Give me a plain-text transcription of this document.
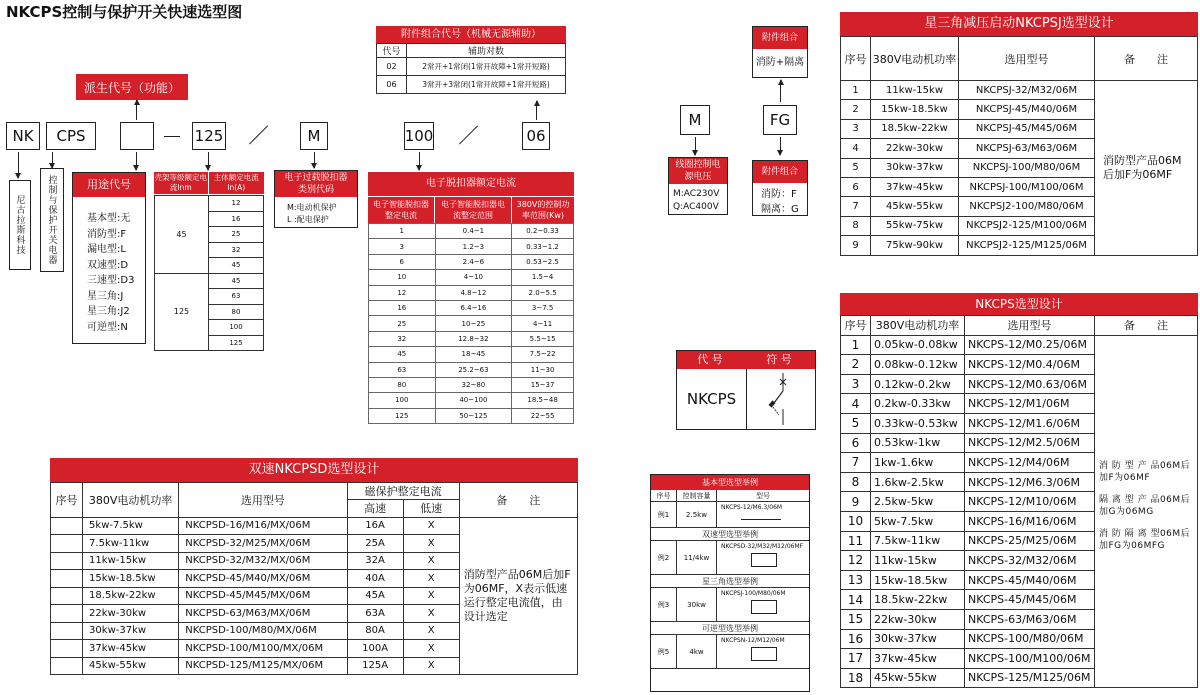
NKCPS控制与保护开关快速选型图
NK	CPS	125	M	100	06
派生代号（功能）
附件组合代号（机械无源辅助）
代号	辅助对数
02	2常开+1常闭(1常开故障+1常开短路)
06	3常开+3常闭(1常开故障+1常开短路)
尼古拉斯科技	控制与保护开关电器	用途代号
基本型:无
消防型:F
漏电型:L
双速型:D
三速型:D3
星三角:J
星三角:J2
可逆型:N
壳架等级额定电流Inm
主体额定电流In(A)
45	12
	16
	25
	32
	45
125	45
	63
	80
	100
	125
电子过载脱扣器类别代码
M:电动机保护
L :配电保护
电子脱扣器额定电流
电子智能脱扣器整定电流
电子智能脱扣器电流整定范围
380V的控制功率范围(Kw)
1	0.4~1	0.2~0.33
3	1.2~3	0.33~1.2
6	2.4~6	0.53~2.5
10	4~10	1.5~4
12	4.8~12	2.0~5.5
16	6.4~16	3~7.5
25	10~25	4~11
32	12.8~32	5.5~15
45	18~45	7.5~22
63	25.2~63	11~30
80	32~80	15~37
100	40~100	18.5~48
125	50~125	22~55
M
线圈控制电源电压
M:AC230V
Q:AC400V
附件组合
消防+隔离
FG
附件组合
消防：F
隔离：G
代 号	符 号
NKCPS
基本型选型举例
序号	控制容量	型号
例1	2.5kw
NKCPS-12/M6.3/06M
双速型选型举例
例2	11/4kw
NKCPSD-32/M32/M12/06MF
星三角选型举例
例3	30kw
NKCPSJ-100/M80/06M
可逆型选型举例
例5	4kw
NKCPSN-12/M12/06M
星三角减压启动NKCPSJ选型设计
序号	380V电动机功率	选用型号	备　　注
1	11kw-15kw	NKCPSJ-32/M32/06M	消防型产品06M后加F为06MF
2	15kw-18.5kw	NKCPSJ-45/M40/06M	
3	18.5kw-22kw	NKCPSJ-45/M45/06M	
4	22kw-30kw	NKCPSJ-63/M63/06M	
5	30kw-37kw	NKCPSJ-100/M80/06M	
6	37kw-45kw	NKCPSJ-100/M100/06M	
7	45kw-55kw	NKCPSJ2-100/M80/06M	
8	55kw-75kw	NKCPSJ2-125/M100/06M	
9	75kw-90kw	NKCPSJ2-125/M125/06M	
NKCPS选型设计
序号	380V电动机功率	选用型号	备　　注
1	0.05kw-0.08kw	NKCPS-12/M0.25/06M	消 防 型 产 品06M后 加F为06MF
隔 离 型 产 品06M后 加G为06MG
消 防 隔 离 型06M后 加FG为06MFG

2	0.08kw-0.12kw	NKCPS-12/M0.4/06M	
3	0.12kw-0.2kw	NKCPS-12/M0.63/06M	
4	0.2kw-0.33kw	NKCPS-12/M1/06M	
5	0.33kw-0.53kw	NKCPS-12/M1.6/06M	
6	0.53kw-1kw	NKCPS-12/M2.5/06M	
7	1kw-1.6kw	NKCPS-12/M4/06M	
8	1.6kw-2.5kw	NKCPS-12/M6.3/06M	
9	2.5kw-5kw	NKCPS-12/M10/06M	
10	5kw-7.5kw	NKCPS-16/M16/06M	
11	7.5kw-11kw	NKCPS-25/M25/06M	
12	11kw-15kw	NKCPS-32/M32/06M	
13	15kw-18.5kw	NKCPS-45/M40/06M	
14	18.5kw-22kw	NKCPS-45/M45/06M	
15	22kw-30kw	NKCPS-63/M63/06M	
16	30kw-37kw	NKCPS-100/M80/06M	
17	37kw-45kw	NKCPS-100/M100/06M	
18	45kw-55kw	NKCPS-125/M125/06M	
双速NKCPSD选型设计
序号	380V电动机功率	选用型号	磁保护整定电流		备　　注
			高速	低速	
	5kw-7.5kw	NKCPSD-16/M16/MX/06M	16A	X	消防型产品06M后加F为06MF，X表示低速运行整定电流值，由设计选定
	7.5kw-11kw	NKCPSD-32/M25/MX/06M	25A	X	
	11kw-15kw	NKCPSD-32/M32/MX/06M	32A	X	
	15kw-18.5kw	NKCPSD-45/M40/MX/06M	40A	X	
	18.5kw-22kw	NKCPSD-45/M45/MX/06M	45A	X	
	22kw-30kw	NKCPSD-63/M63/MX/06M	63A	X	
	30kw-37kw	NKCPSD-100/M80/MX/06M	80A	X	
	37kw-45kw	NKCPSD-100/M100/MX/06M	100A	X	
	45kw-55kw	NKCPSD-125/M125/MX/06M	125A	X	
